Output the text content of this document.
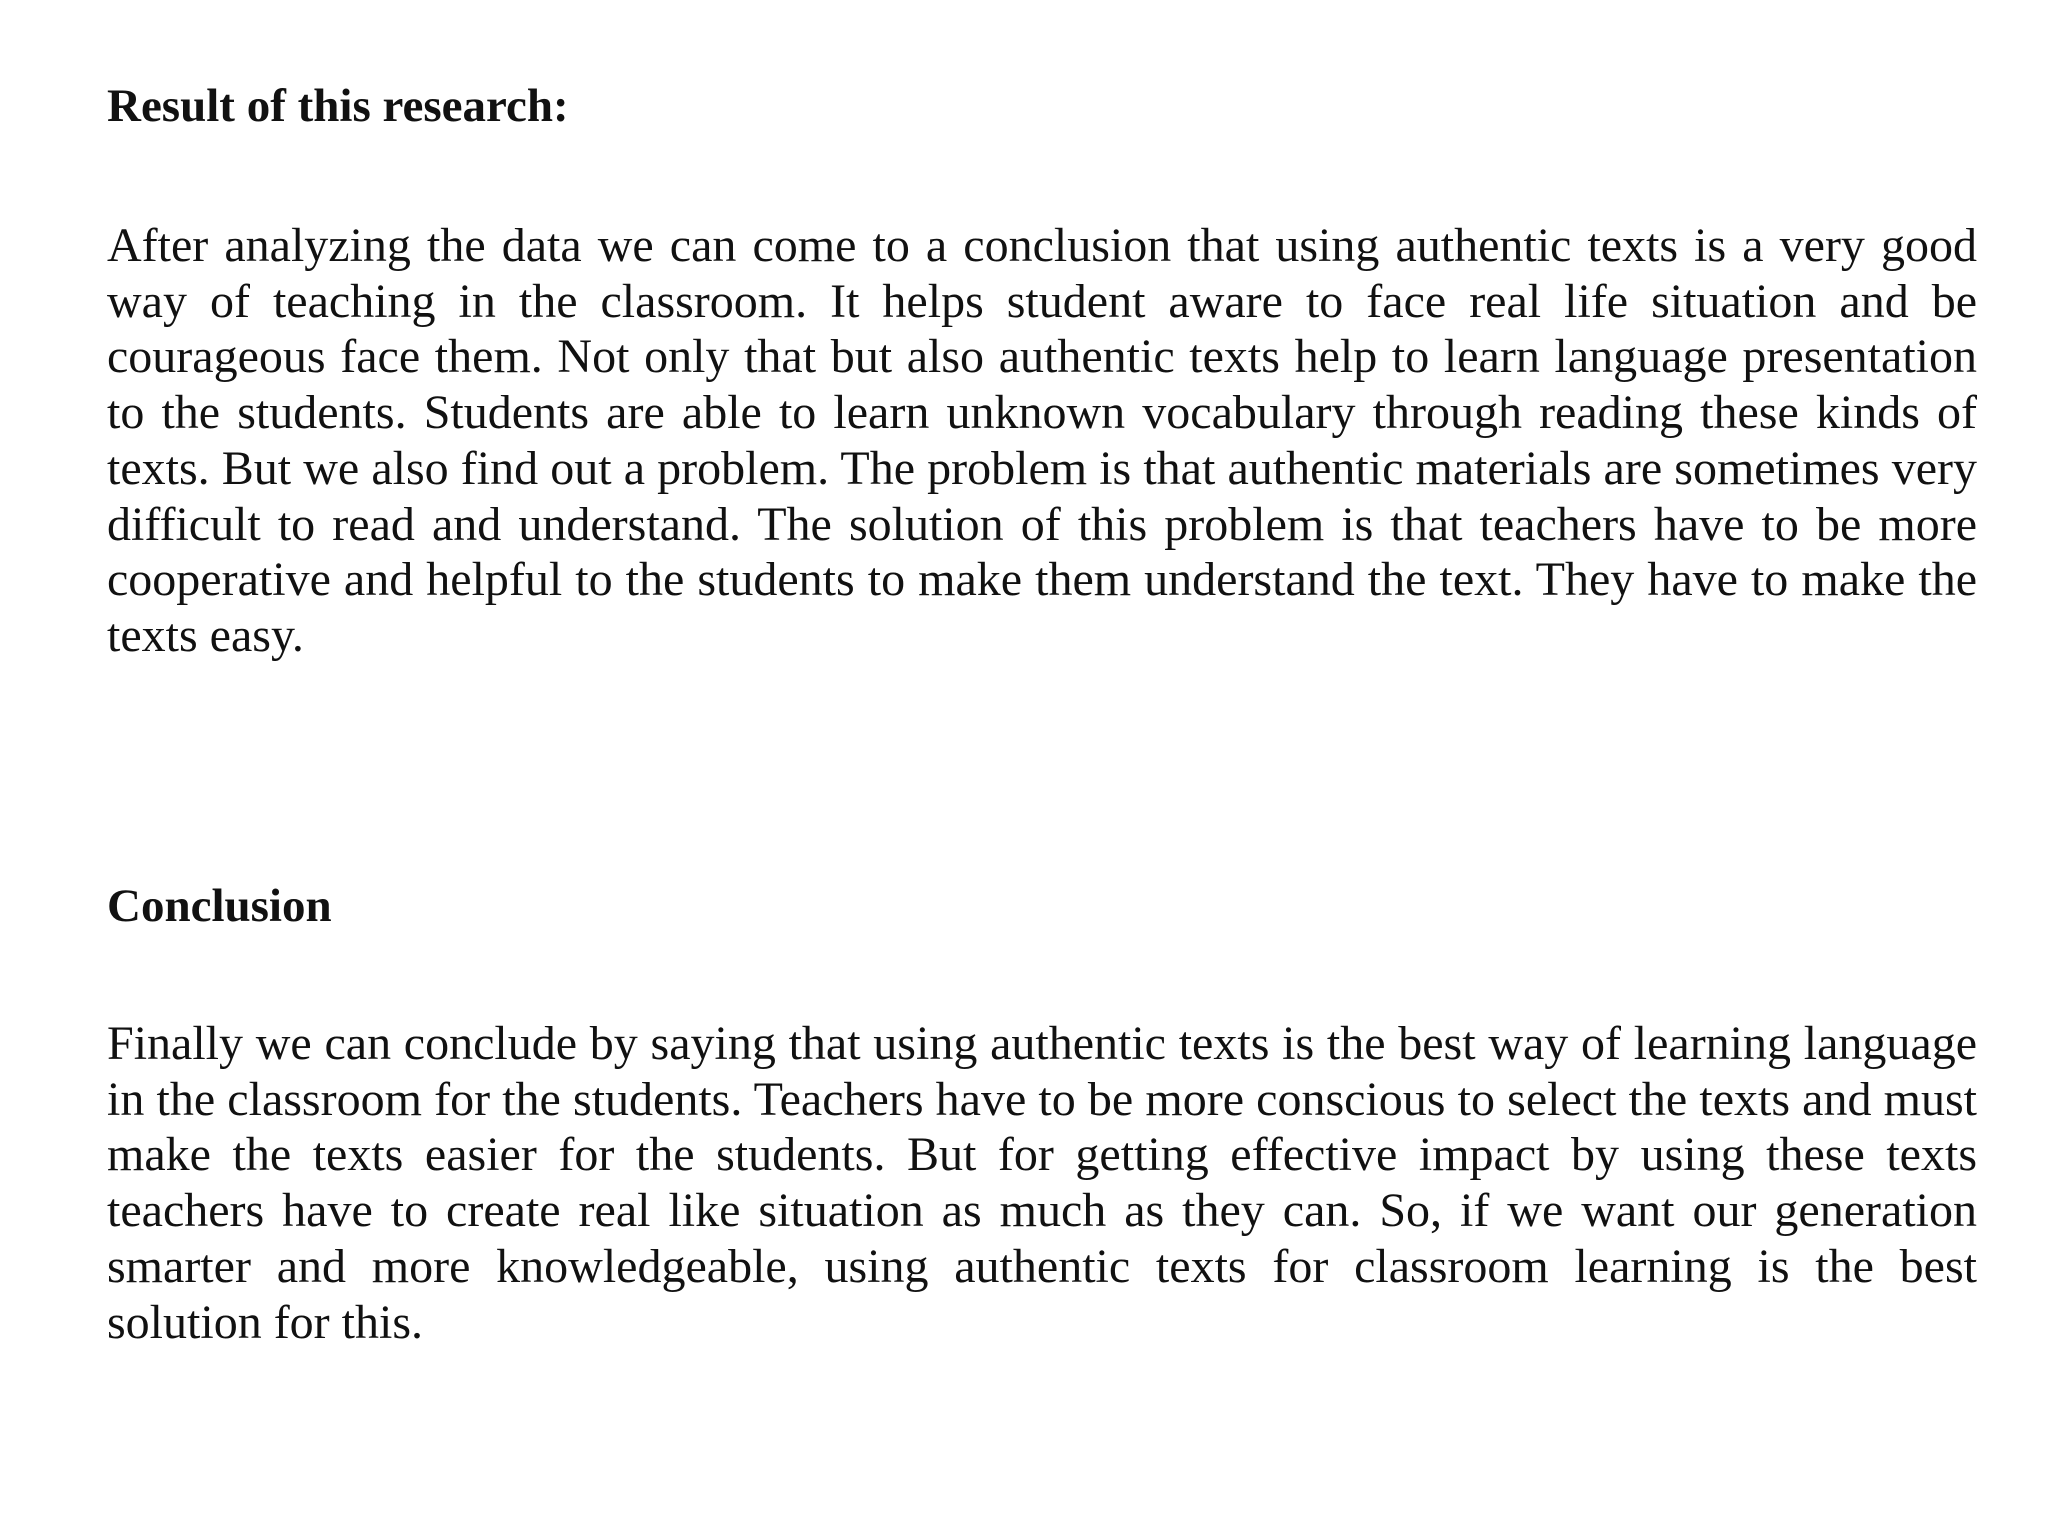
Result of this research:

After analyzing the data we can come to a conclusion that using authentic texts is a very good way of teaching in the classroom. It helps student aware to face real life situation and be courageous face them. Not only that but also authentic texts help to learn language presentation to the students. Students are able to learn unknown vocabulary through reading these kinds of texts. But we also find out a problem. The problem is that authentic materials are sometimes very difficult to read and understand. The solution of this problem is that teachers have to be more cooperative and helpful to the students to make them understand the text. They have to make the texts easy.

Conclusion

Finally we can conclude by saying that using authentic texts is the best way of learning language in the classroom for the students. Teachers have to be more conscious to select the texts and must make the texts easier for the students. But for getting effective impact by using these texts teachers have to create real like situation as much as they can. So, if we want our generation smarter and more knowledgeable, using authentic texts for classroom learning is the best solution for this.
